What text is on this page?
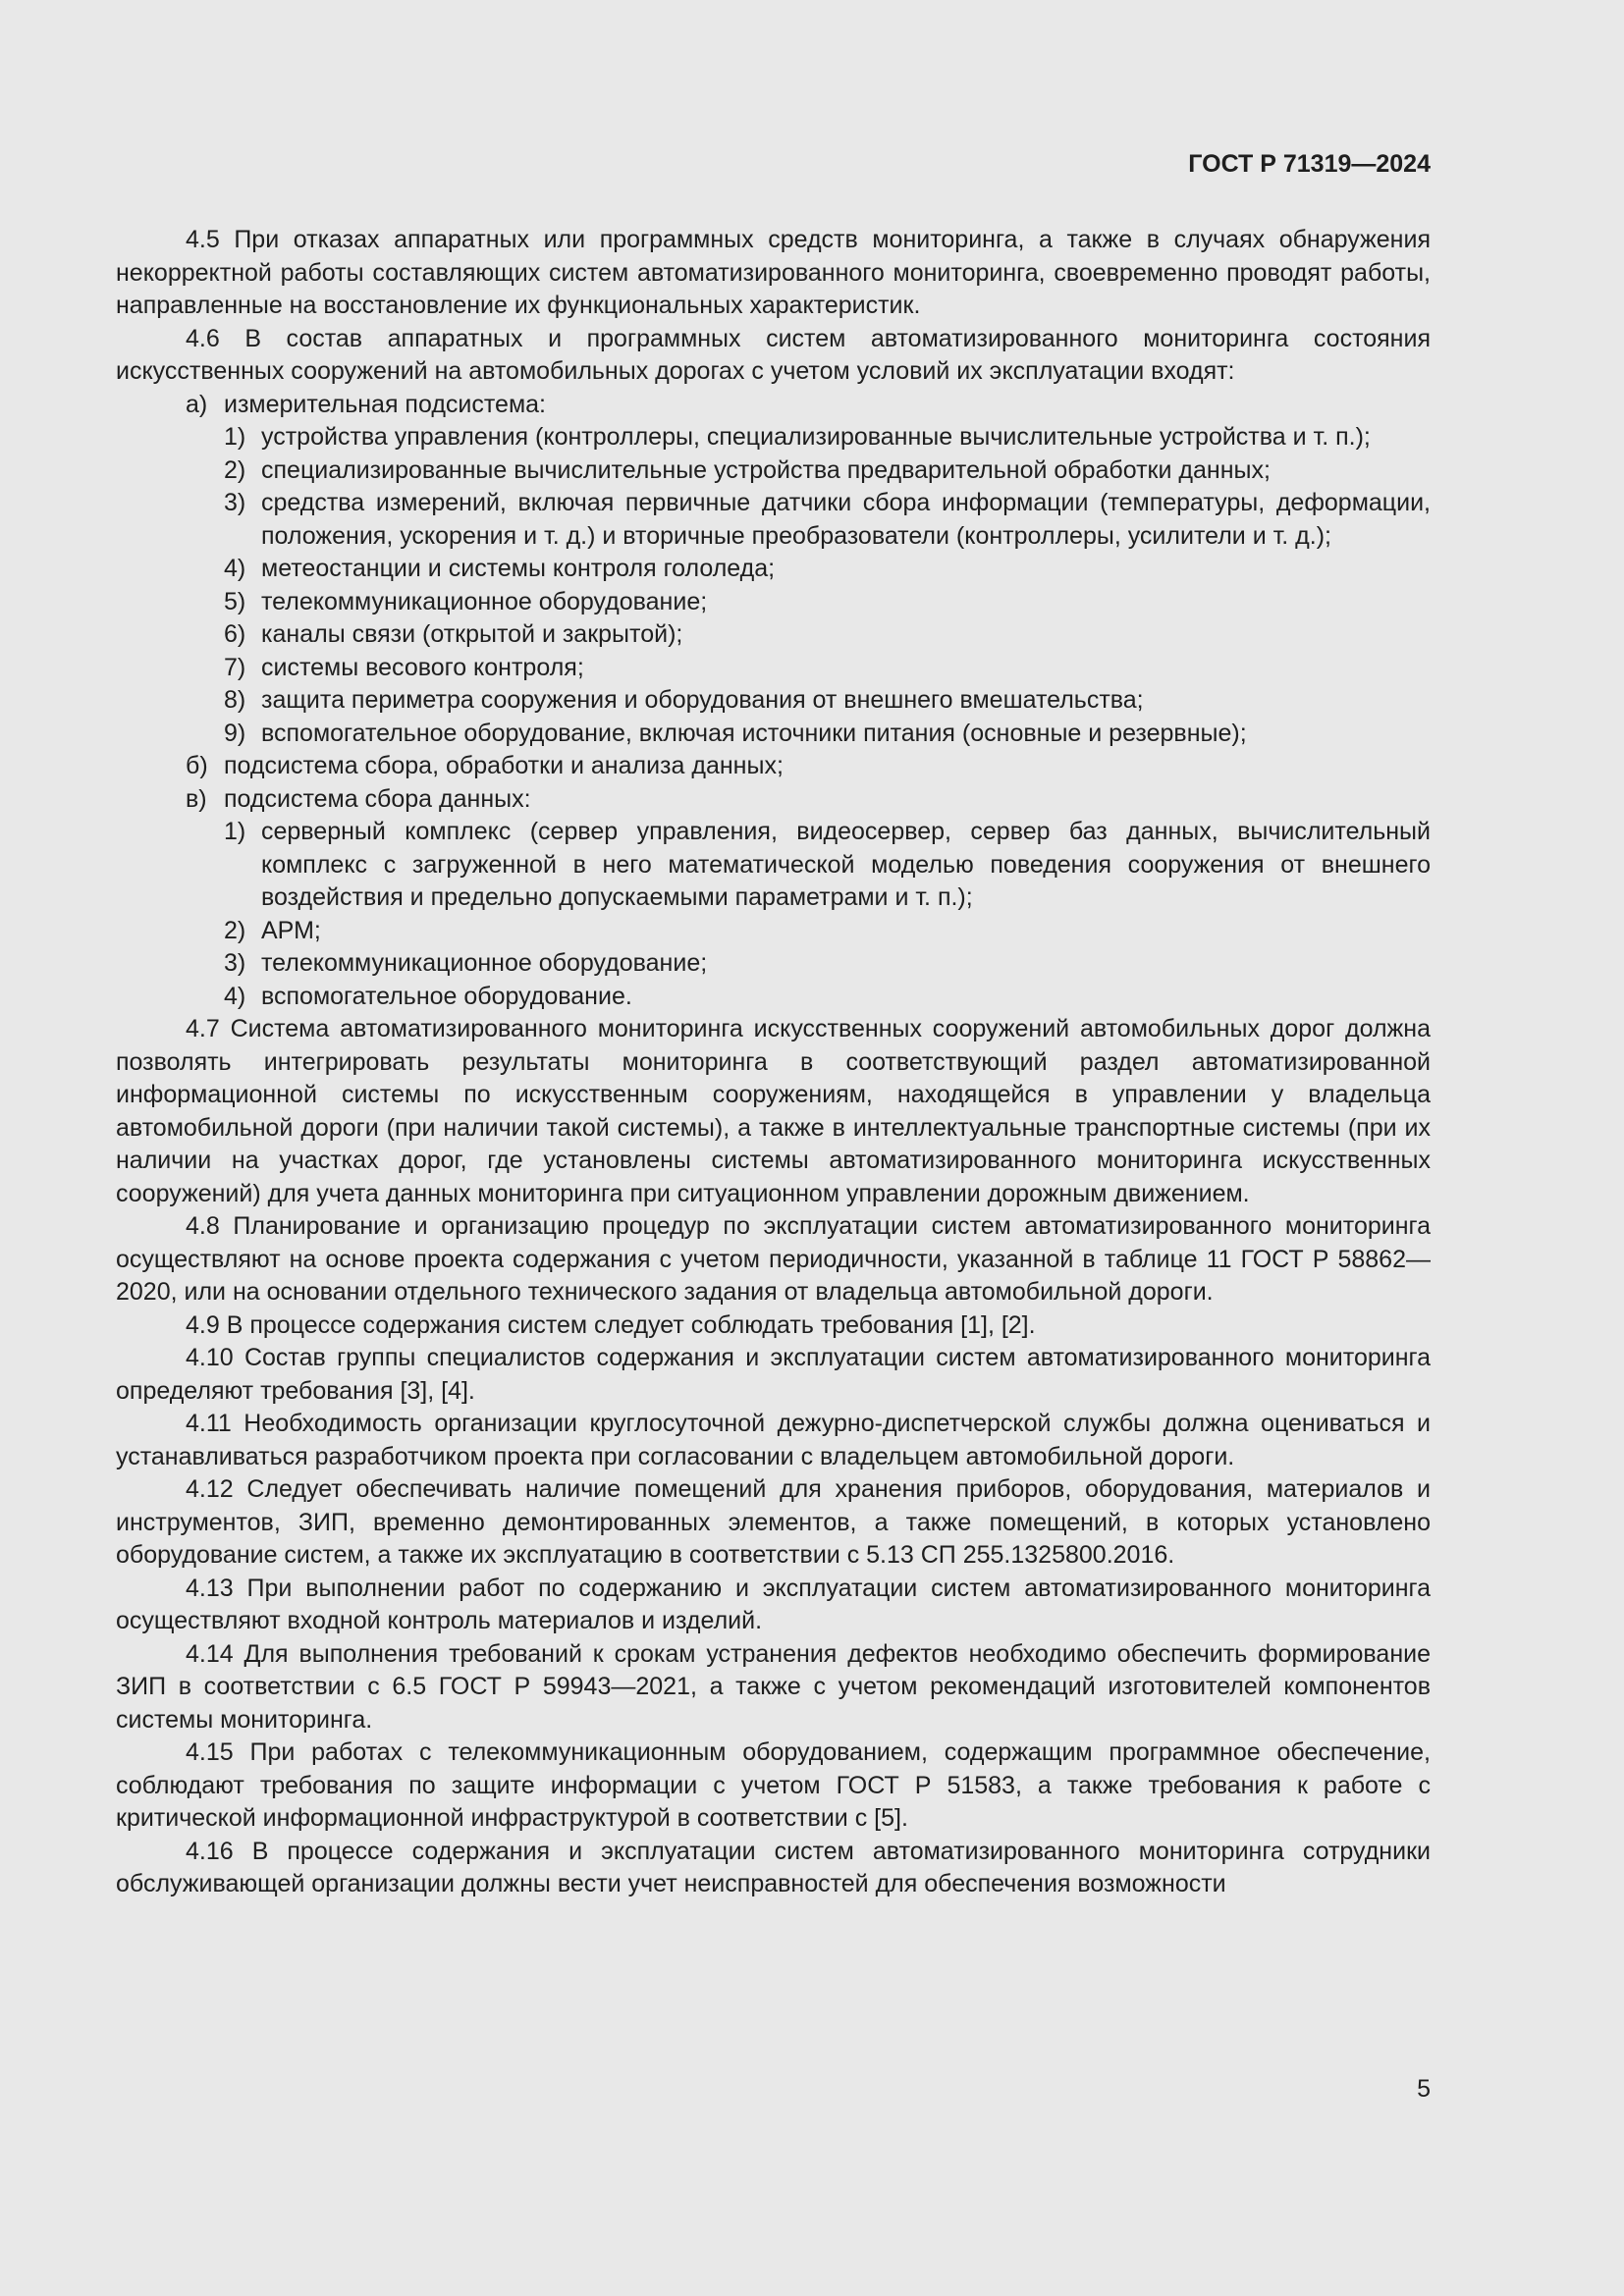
ГОСТ Р 71319—2024
4.5 При отказах аппаратных или программных средств мониторинга, а также в случаях обнаружения некорректной работы составляющих систем автоматизированного мониторинга, своевременно проводят работы, направленные на восстановление их функциональных характеристик.
4.6 В состав аппаратных и программных систем автоматизированного мониторинга состояния искусственных сооружений на автомобильных дорогах с учетом условий их эксплуатации входят:
а) измерительная подсистема:
1) устройства управления (контроллеры, специализированные вычислительные устройства и т. п.);
2) специализированные вычислительные устройства предварительной обработки данных;
3) средства измерений, включая первичные датчики сбора информации (температуры, деформации, положения, ускорения и т. д.) и вторичные преобразователи (контроллеры, усилители и т. д.);
4) метеостанции и системы контроля гололеда;
5) телекоммуникационное оборудование;
6) каналы связи (открытой и закрытой);
7) системы весового контроля;
8) защита периметра сооружения и оборудования от внешнего вмешательства;
9) вспомогательное оборудование, включая источники питания (основные и резервные);
б) подсистема сбора, обработки и анализа данных;
в) подсистема сбора данных:
1) серверный комплекс (сервер управления, видеосервер, сервер баз данных, вычислительный комплекс с загруженной в него математической моделью поведения сооружения от внешнего воздействия и предельно допускаемыми параметрами и т. п.);
2) АРМ;
3) телекоммуникационное оборудование;
4) вспомогательное оборудование.
4.7 Система автоматизированного мониторинга искусственных сооружений автомобильных дорог должна позволять интегрировать результаты мониторинга в соответствующий раздел автоматизированной информационной системы по искусственным сооружениям, находящейся в управлении у владельца автомобильной дороги (при наличии такой системы), а также в интеллектуальные транспортные системы (при их наличии на участках дорог, где установлены системы автоматизированного мониторинга искусственных сооружений) для учета данных мониторинга при ситуационном управлении дорожным движением.
4.8 Планирование и организацию процедур по эксплуатации систем автоматизированного мониторинга осуществляют на основе проекта содержания с учетом периодичности, указанной в таблице 11 ГОСТ Р 58862—2020, или на основании отдельного технического задания от владельца автомобильной дороги.
4.9 В процессе содержания систем следует соблюдать требования [1], [2].
4.10 Состав группы специалистов содержания и эксплуатации систем автоматизированного мониторинга определяют требования [3], [4].
4.11 Необходимость организации круглосуточной дежурно-диспетчерской службы должна оцениваться и устанавливаться разработчиком проекта при согласовании с владельцем автомобильной дороги.
4.12 Следует обеспечивать наличие помещений для хранения приборов, оборудования, материалов и инструментов, ЗИП, временно демонтированных элементов, а также помещений, в которых установлено оборудование систем, а также их эксплуатацию в соответствии с 5.13 СП 255.1325800.2016.
4.13 При выполнении работ по содержанию и эксплуатации систем автоматизированного мониторинга осуществляют входной контроль материалов и изделий.
4.14 Для выполнения требований к срокам устранения дефектов необходимо обеспечить формирование ЗИП в соответствии с 6.5 ГОСТ Р 59943—2021, а также с учетом рекомендаций изготовителей компонентов системы мониторинга.
4.15 При работах с телекоммуникационным оборудованием, содержащим программное обеспечение, соблюдают требования по защите информации с учетом ГОСТ Р 51583, а также требования к работе с критической информационной инфраструктурой в соответствии с [5].
4.16 В процессе содержания и эксплуатации систем автоматизированного мониторинга сотрудники обслуживающей организации должны вести учет неисправностей для обеспечения возможности
5
